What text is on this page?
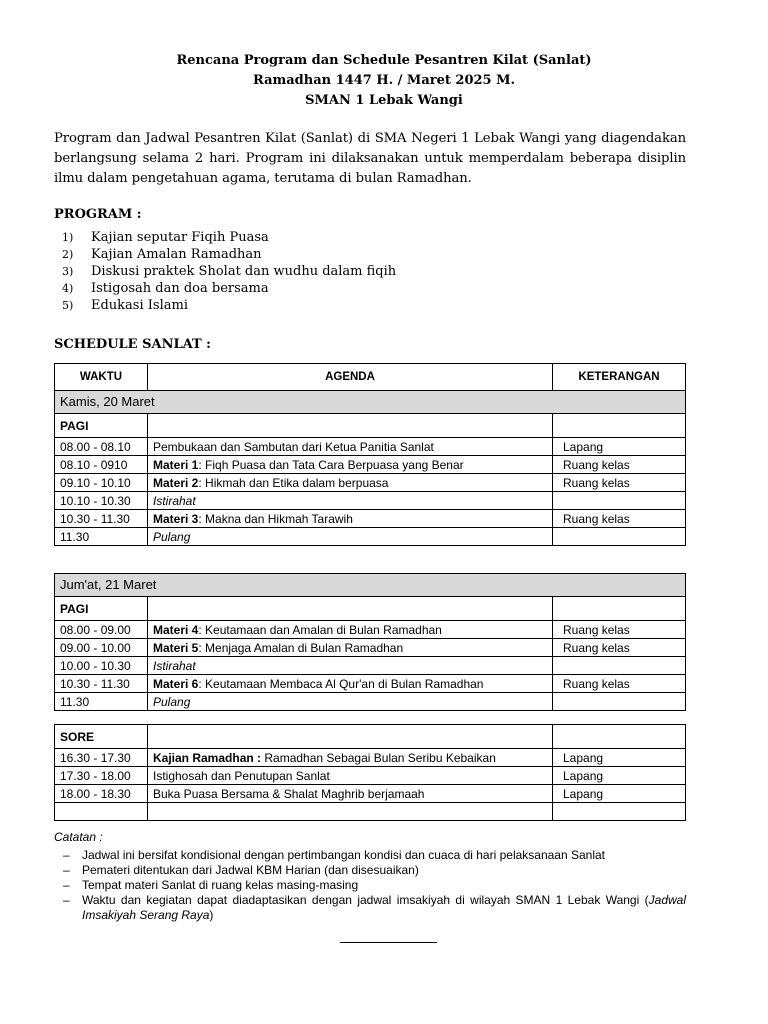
Rencana Program dan Schedule Pesantren Kilat (Sanlat)
Ramadhan 1447 H. / Maret 2025 M.
SMAN 1 Lebak Wangi
Program dan Jadwal Pesantren Kilat (Sanlat) di SMA Negeri 1 Lebak Wangi yang diagendakan berlangsung selama 2 hari. Program ini dilaksanakan untuk memperdalam beberapa disiplin ilmu dalam pengetahuan agama, terutama di bulan Ramadhan.
PROGRAM :
1) Kajian seputar Fiqih Puasa
2) Kajian Amalan Ramadhan
3) Diskusi praktek Sholat dan wudhu dalam fiqih
4) Istigosah dan doa bersama
5) Edukasi Islami
SCHEDULE SANLAT :
WAKTU	AGENDA	KETERANGAN
Kamis, 20 Maret		
PAGI		
08.00 - 08.10	Pembukaan dan Sambutan dari Ketua Panitia Sanlat	Lapang
08.10 - 0910	Materi 1: Fiqh Puasa dan Tata Cara Berpuasa yang Benar	Ruang kelas
09.10 - 10.10	Materi 2: Hikmah dan Etika dalam berpuasa	Ruang kelas
10.10 - 10.30	Istirahat	
10.30 - 11.30	Materi 3: Makna dan Hikmah Tarawih	Ruang kelas
11.30	Pulang	
Jum'at, 21 Maret		
PAGI		
08.00 - 09.00	Materi 4: Keutamaan dan Amalan di Bulan Ramadhan	Ruang kelas
09.00 - 10.00	Materi 5: Menjaga Amalan di Bulan Ramadhan	Ruang kelas
10.00 - 10.30	Istirahat	
10.30 - 11.30	Materi 6: Keutamaan Membaca Al Qur'an di Bulan Ramadhan	Ruang kelas
11.30	Pulang	
SORE		
16.30 - 17.30	Kajian Ramadhan : Ramadhan Sebagai Bulan Seribu Kebaikan	Lapang
17.30 - 18.00	Istighosah dan Penutupan Sanlat	Lapang
18.00 - 18.30	Buka Puasa Bersama & Shalat Maghrib berjamaah	Lapang

Catatan :
– Jadwal ini bersifat kondisional dengan pertimbangan kondisi dan cuaca di hari pelaksanaan Sanlat
– Pemateri ditentukan dari Jadwal KBM Harian (dan disesuaikan)
– Tempat materi Sanlat di ruang kelas masing-masing
– Waktu dan kegiatan dapat diadaptasikan dengan jadwal imsakiyah di wilayah SMAN 1 Lebak Wangi (Jadwal Imsakiyah Serang Raya)
